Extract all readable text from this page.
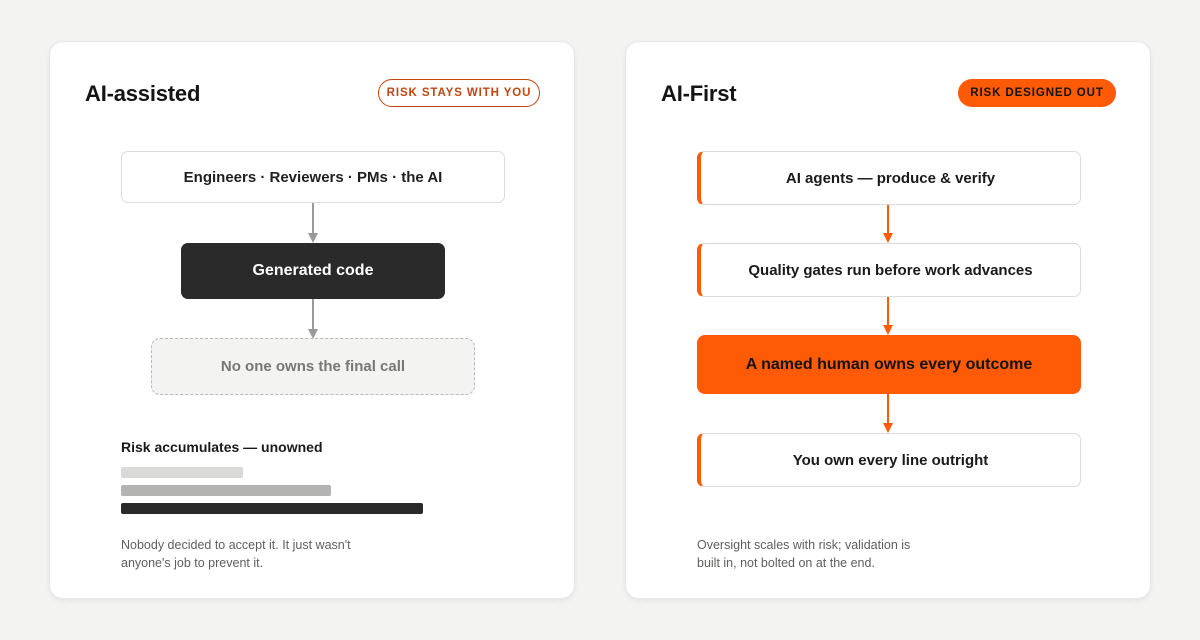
AI-assisted	RISK STAYS WITH YOU
Engineers · Reviewers · PMs · the AI
Generated code
No one owns the final call
Risk accumulates — unowned
Nobody decided to accept it. It just wasn't
anyone's job to prevent it.
AI-First	RISK DESIGNED OUT
AI agents — produce & verify
Quality gates run before work advances
A named human owns every outcome
You own every line outright
Oversight scales with risk; validation is
built in, not bolted on at the end.
